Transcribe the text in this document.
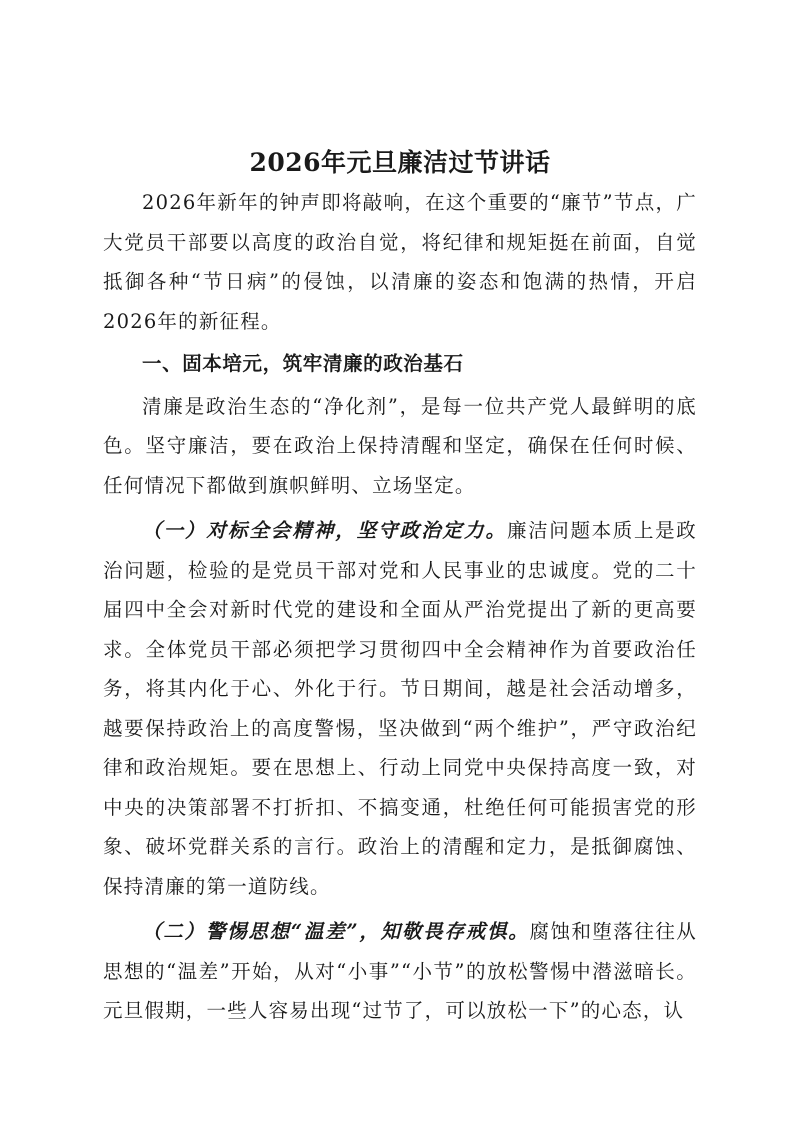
2026年元旦廉洁过节讲话

2026年新年的钟声即将敲响，在这个重要的“廉节”节点，广大党员干部要以高度的政治自觉，将纪律和规矩挺在前面，自觉抵御各种“节日病”的侵蚀，以清廉的姿态和饱满的热情，开启2026年的新征程。

一、固本培元，筑牢清廉的政治基石

清廉是政治生态的“净化剂”，是每一位共产党人最鲜明的底色。坚守廉洁，要在政治上保持清醒和坚定，确保在任何时候、任何情况下都做到旗帜鲜明、立场坚定。

（一）对标全会精神，坚守政治定力。廉洁问题本质上是政治问题，检验的是党员干部对党和人民事业的忠诚度。党的二十届四中全会对新时代党的建设和全面从严治党提出了新的更高要求。全体党员干部必须把学习贯彻四中全会精神作为首要政治任务，将其内化于心、外化于行。节日期间，越是社会活动增多，越要保持政治上的高度警惕，坚决做到“两个维护”，严守政治纪律和政治规矩。要在思想上、行动上同党中央保持高度一致，对中央的决策部署不打折扣、不搞变通，杜绝任何可能损害党的形象、破坏党群关系的言行。政治上的清醒和定力，是抵御腐蚀、保持清廉的第一道防线。

（二）警惕思想“温差”，知敬畏存戒惧。腐蚀和堕落往往从思想的“温差”开始，从对“小事”“小节”的放松警惕中潜滋暗长。元旦假期，一些人容易出现“过节了，可以放松一下”的心态，认
